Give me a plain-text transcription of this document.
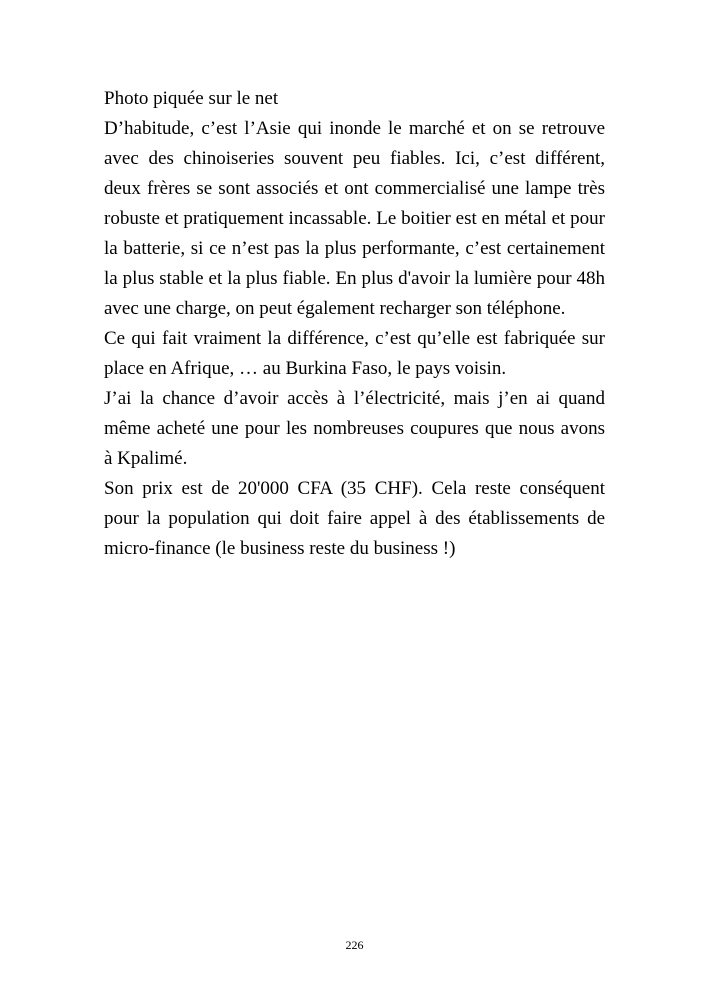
Photo piquée sur le net

D’habitude, c’est l’Asie qui inonde le marché et on se retrouve avec des chinoiseries souvent peu fiables. Ici, c’est différent, deux frères se sont associés et ont commercialisé une lampe très robuste et pratiquement incassable. Le boitier est en métal et pour la batterie, si ce n’est pas la plus performante, c’est certainement la plus stable et la plus fiable. En plus d'avoir la lumière pour 48h avec une charge, on peut également recharger son téléphone.

Ce qui fait vraiment la différence, c’est qu’elle est fabriquée sur place en Afrique, … au Burkina Faso, le pays voisin.

J’ai la chance d’avoir accès à l’électricité, mais j’en ai quand même acheté une pour les nombreuses coupures que nous avons à Kpalimé.

Son prix est de 20'000 CFA (35 CHF). Cela reste conséquent pour la population qui doit faire appel à des établissements de micro-finance (le business reste du business !)

226
